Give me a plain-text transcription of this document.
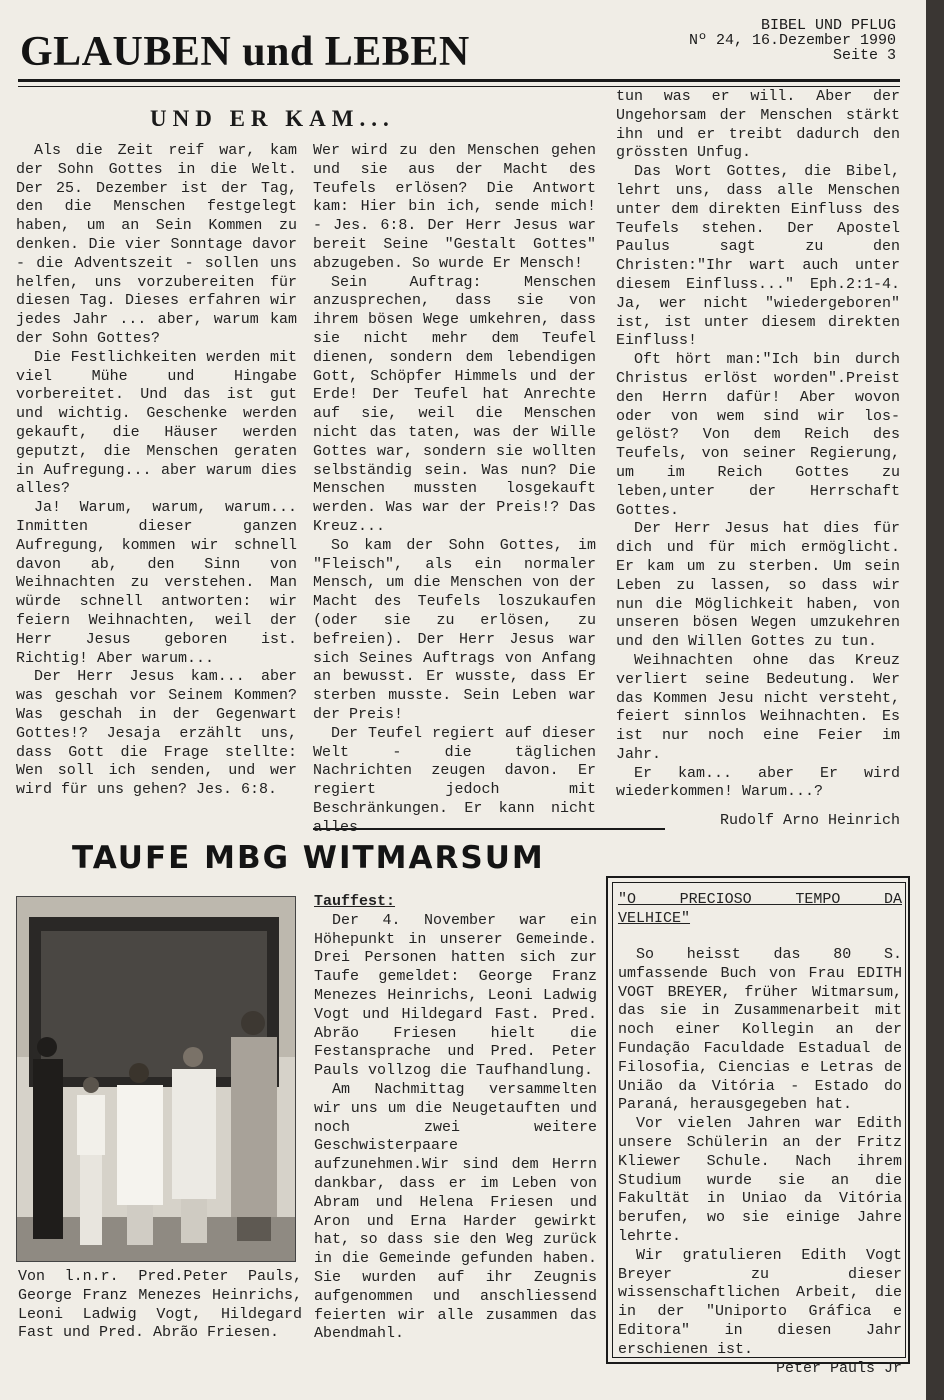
GLAUBEN und LEBEN
BIBEL UND PFLUG
Nº 24, 16.Dezember 1990
Seite 3
UND ER KAM...

Als die Zeit reif war, kam der Sohn Gottes in die Welt. Der 25. Dezember ist der Tag, den die Menschen festgelegt haben, um an Sein Kommen zu denken. Die vier Sonntage davor - die Adventszeit - sollen uns helfen, uns vorzubereiten für diesen Tag. Dieses erfahren wir jedes Jahr ... aber, warum kam der Sohn Gottes?

Die Festlichkeiten werden mit viel Mühe und Hingabe vorbereitet. Und das ist gut und wichtig. Geschenke werden gekauft, die Häuser werden geputzt, die Menschen geraten in Aufregung... aber warum dies alles?

Ja! Warum, warum, warum... Inmitten dieser ganzen Aufregung, kommen wir schnell davon ab, den Sinn von Weihnachten zu verstehen. Man würde schnell antworten: wir feiern Weihnachten, weil der Herr Jesus geboren ist. Richtig! Aber warum...

Der Herr Jesus kam... aber was geschah vor Seinem Kommen? Was geschah in der Gegenwart Gottes!? Jesaja erzählt uns, dass Gott die Frage stellte: Wen soll ich senden, und wer wird für uns gehen? Jes. 6:8.

Wer wird zu den Menschen gehen und sie aus der Macht des Teufels erlösen? Die Antwort kam: Hier bin ich, sende mich! - Jes. 6:8. Der Herr Jesus war bereit Seine "Gestalt Gottes" abzugeben. So wurde Er Mensch!

Sein Auftrag: Menschen anzusprechen, dass sie von ihrem bösen Wege umkehren, dass sie nicht mehr dem Teufel dienen, sondern dem lebendigen Gott, Schöpfer Himmels und der Erde! Der Teufel hat Anrechte auf sie, weil die Menschen nicht das taten, was der Wille Gottes war, sondern sie wollten selbständig sein. Was nun? Die Menschen mussten losgekauft werden. Was war der Preis!? Das Kreuz...

So kam der Sohn Gottes, im "Fleisch", als ein normaler Mensch, um die Menschen von der Macht des Teufels loszukaufen (oder sie zu erlösen, zu befreien). Der Herr Jesus war sich Seines Auftrags von Anfang an bewusst. Er wusste, dass Er sterben musste. Sein Leben war der Preis!

Der Teufel regiert auf dieser Welt - die täglichen Nachrichten zeugen davon. Er regiert jedoch mit Beschränkungen. Er kann nicht

tun was er will. Aber der Ungehorsam der Menschen stärkt ihn und er treibt dadurch den grössten Unfug.

Das Wort Gottes, die Bibel, lehrt uns, dass alle Menschen unter dem direkten Einfluss des Teufels stehen. Der Apostel Paulus sagt zu den Christen:"Ihr wart auch unter diesem Einfluss..." Eph.2:1-4. Ja, wer nicht "wiedergeboren" ist, ist unter diesem direkten Einfluss!

Oft hört man:"Ich bin durch Christus erlöst worden".Preist den Herrn dafür! Aber wovon oder von wem sind wir los-gelöst? Von dem Reich des Teufels, von seiner Regierung, um im Reich Gottes zu leben,unter der Herrschaft Gottes.

Der Herr Jesus hat dies für dich und für mich ermöglicht. Er kam um zu sterben. Um sein Leben zu lassen, so dass wir nun die Möglichkeit haben, von unseren bösen Wegen umzukehren und den Willen Gottes zu tun.

Weihnachten ohne das Kreuz verliert seine Bedeutung. Wer das Kommen Jesu nicht versteht, feiert sinnlos Weihnachten. Es ist nur noch eine Feier im Jahr.

Er kam... aber Er wird wiederkommen! Warum...?

Rudolf Arno Heinrich

TAUFE MBG WITMARSUM
Von l.n.r. Pred.Peter Pauls, George Franz Menezes Heinrichs, Leoni Ladwig Vogt, Hildegard Fast und Pred. Abrão Friesen.

Tauffest:

Der 4. November war ein Höhepunkt in unserer Gemeinde. Drei Personen hatten sich zur Taufe gemeldet: George Franz Menezes Heinrichs, Leoni Ladwig Vogt und Hildegard Fast. Pred. Abrão Friesen hielt die Festansprache und Pred. Peter Pauls vollzog die Taufhandlung.

Am Nachmittag versammelten wir uns um die Neugetauften und noch zwei weitere Geschwisterpaare aufzunehmen.Wir sind dem Herrn dankbar, dass er im Leben von Abram und Helena Friesen und Aron und Erna Harder gewirkt hat, so dass sie den Weg zurück in die Gemeinde gefunden haben. Sie wurden auf ihr Zeugnis aufgenommen und anschliessend feierten wir alle zusammen das Abendmahl.

"O PRECIOSO TEMPO DA
VELHICE"

So heisst das 80 S. umfassende Buch von Frau EDITH VOGT BREYER, früher Witmarsum, das sie in Zusammenarbeit mit noch einer Kollegin an der Fundação Faculdade Estadual de Filosofia, Ciencias e Letras de União da Vitória - Estado do Paraná, herausgegeben hat.

Vor vielen Jahren war Edith unsere Schülerin an der Fritz Kliewer Schule. Nach ihrem Studium wurde sie an die Fakultät in Uniao da Vitória berufen, wo sie einige Jahre lehrte.

Wir gratulieren Edith Vogt Breyer zu dieser wissenschaftlichen Arbeit, die in der "Uniporto Gráfica e Editora" in diesen Jahr erschienen ist.

Peter Pauls Jr
